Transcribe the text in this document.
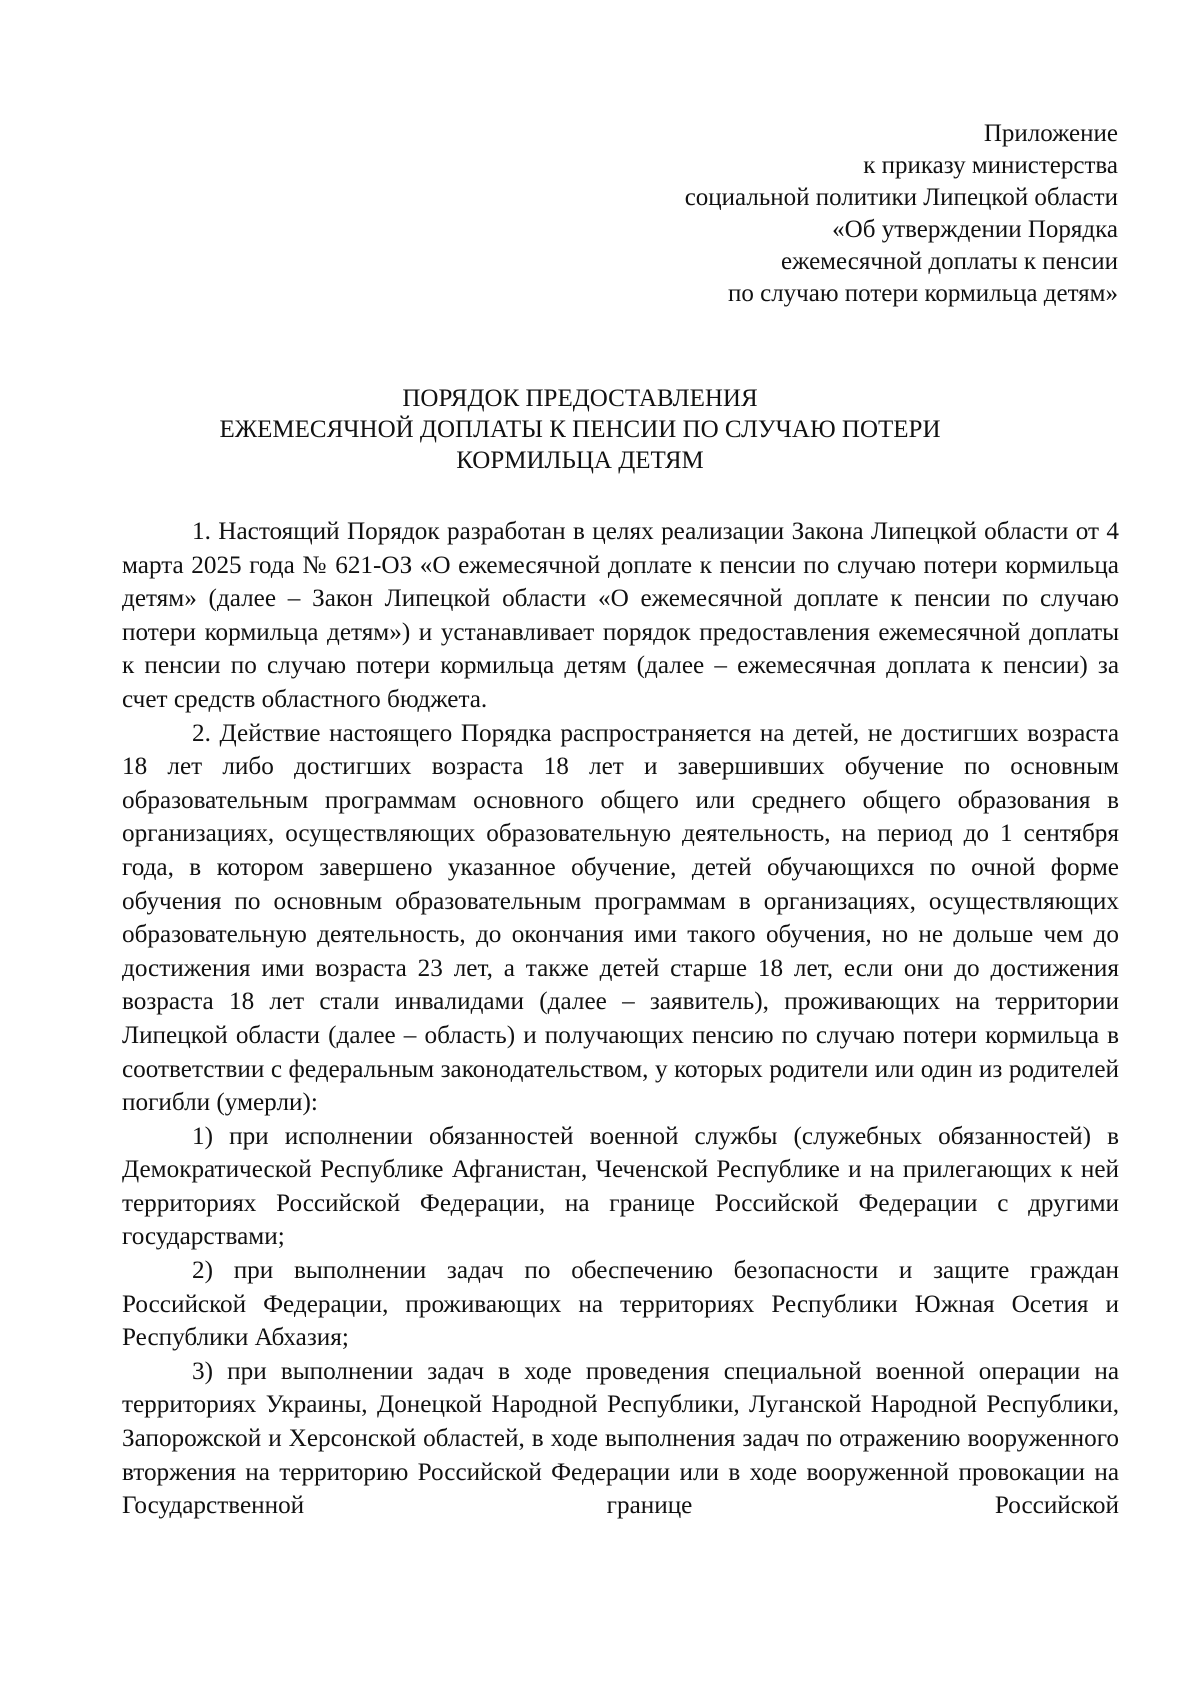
Приложение
к приказу министерства
социальной политики Липецкой области
«Об утверждении Порядка
ежемесячной доплаты к пенсии
по случаю потери кормильца детям»
ПОРЯДОК ПРЕДОСТАВЛЕНИЯ
ЕЖЕМЕСЯЧНОЙ ДОПЛАТЫ К ПЕНСИИ ПО СЛУЧАЮ ПОТЕРИ
КОРМИЛЬЦА ДЕТЯМ

1. Настоящий Порядок разработан в целях реализации Закона Липецкой области от 4 марта 2025 года № 621-ОЗ «О ежемесячной доплате к пенсии по случаю потери кормильца детям» (далее – Закон Липецкой области «О ежемесячной доплате к пенсии по случаю потери кормильца детям») и устанавливает порядок предоставления ежемесячной доплаты к пенсии по случаю потери кормильца детям (далее – ежемесячная доплата к пенсии) за счет средств областного бюджета.

2. Действие настоящего Порядка распространяется на детей, не достигших возраста 18 лет либо достигших возраста 18 лет и завершивших обучение по основным образовательным программам основного общего или среднего общего образования в организациях, осуществляющих образовательную деятельность, на период до 1 сентября года, в котором завершено указанное обучение, детей обучающихся по очной форме обучения по основным образовательным программам в организациях, осуществляющих образовательную деятельность, до окончания ими такого обучения, но не дольше чем до достижения ими возраста 23 лет, а также детей старше 18 лет, если они до достижения возраста 18 лет стали инвалидами (далее – заявитель), проживающих на территории Липецкой области (далее – область) и получающих пенсию по случаю потери кормильца в соответствии с федеральным законодательством, у которых родители или один из родителей погибли (умерли):

1) при исполнении обязанностей военной службы (служебных обязанностей) в Демократической Республике Афганистан, Чеченской Республике и на прилегающих к ней территориях Российской Федерации, на границе Российской Федерации с другими государствами;

2) при выполнении задач по обеспечению безопасности и защите граждан Российской Федерации, проживающих на территориях Республики Южная Осетия и Республики Абхазия;

3) при выполнении задач в ходе проведения специальной военной операции на территориях Украины, Донецкой Народной Республики, Луганской Народной Республики, Запорожской и Херсонской областей, в ходе выполнения задач по отражению вооруженного вторжения на территорию Российской Федерации или в ходе вооруженной провокации на Государственной границе Российской
